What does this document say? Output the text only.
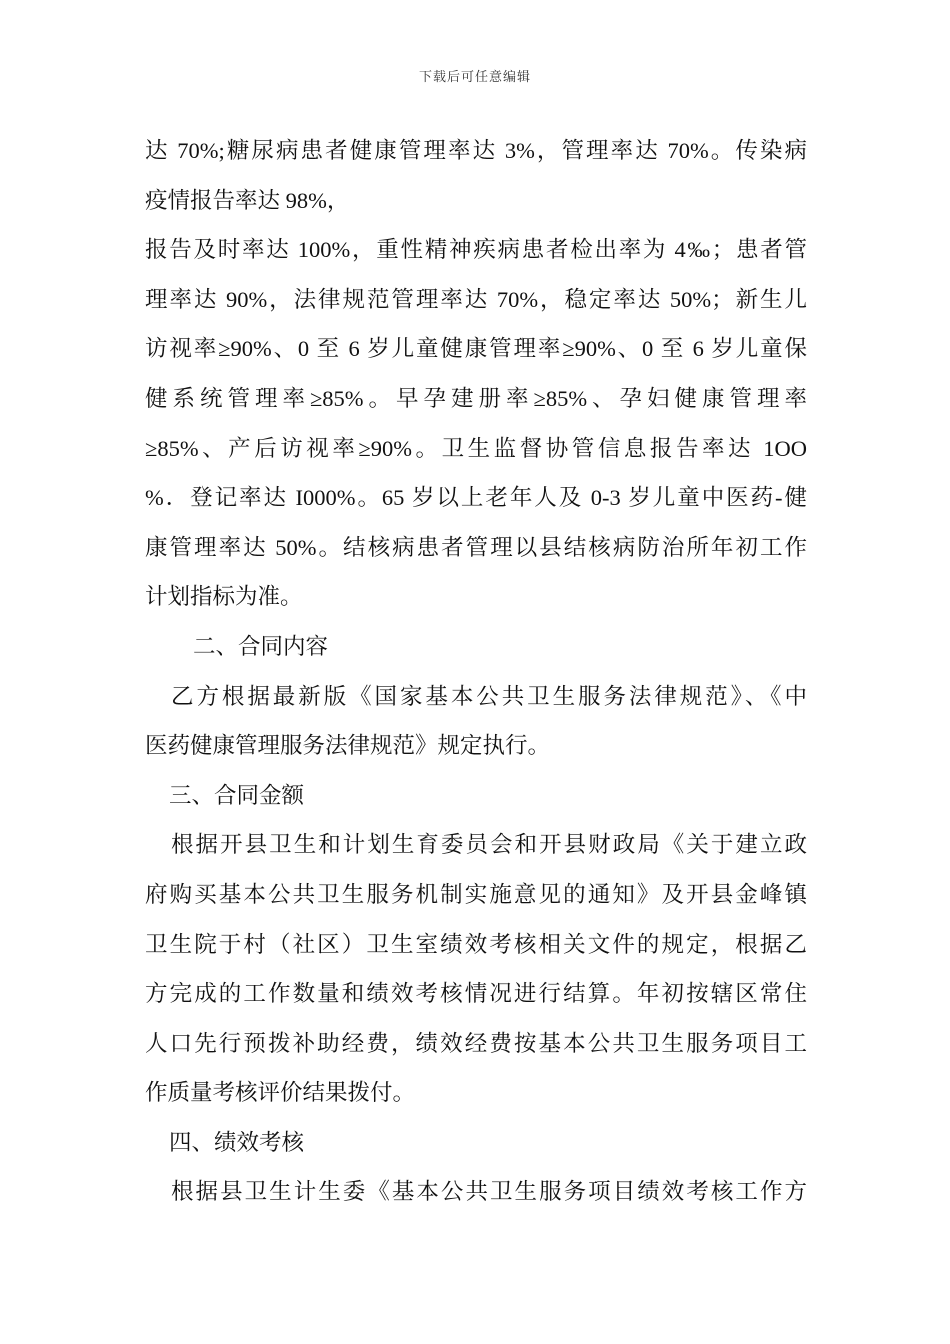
下载后可任意编辑
达 70%;糖尿病患者健康管理率达 3%，管理率达 70%。传染病
疫情报告率达 98%，
报告及时率达 100%，重性精神疾病患者检出率为 4‰；患者管
理率达 90%，法律规范管理率达 70%，稳定率达 50%；新生儿
访视率≥90%、0 至 6 岁儿童健康管理率≥90%、0 至 6 岁儿童保
健系统管理率≥85%。早孕建册率≥85%、孕妇健康管理率
≥85%、产后访视率≥90%。卫生监督协管信息报告率达 1OO
%．登记率达 I000%。65 岁以上老年人及 0-3 岁儿童中医药-健
康管理率达 50%。结核病患者管理以县结核病防治所年初工作
计划指标为准。
二、合同内容
乙方根据最新版《国家基本公共卫生服务法律规范》、《中
医药健康管理服务法律规范》规定执行。
三、合同金额
根据开县卫生和计划生育委员会和开县财政局《关于建立政
府购买基本公共卫生服务机制实施意见的通知》及开县金峰镇
卫生院于村（社区）卫生室绩效考核相关文件的规定，根据乙
方完成的工作数量和绩效考核情况进行结算。年初按辖区常住
人口先行预拨补助经费，绩效经费按基本公共卫生服务项目工
作质量考核评价结果拨付。
四、绩效考核
根据县卫生计生委《基本公共卫生服务项目绩效考核工作方
